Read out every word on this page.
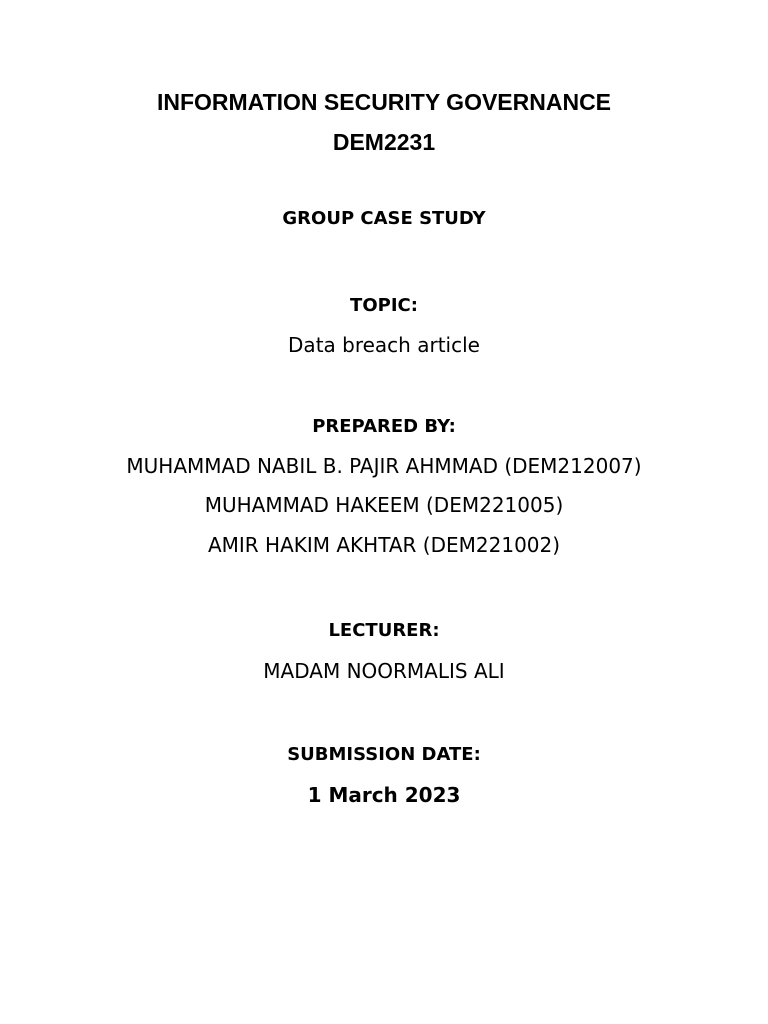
INFORMATION SECURITY GOVERNANCE
DEM2231
GROUP CASE STUDY
TOPIC:
Data breach article
PREPARED BY:
MUHAMMAD NABIL B. PAJIR AHMMAD (DEM212007)
MUHAMMAD HAKEEM (DEM221005)
AMIR HAKIM AKHTAR (DEM221002)
LECTURER:
MADAM NOORMALIS ALI
SUBMISSION DATE:
1 March 2023
